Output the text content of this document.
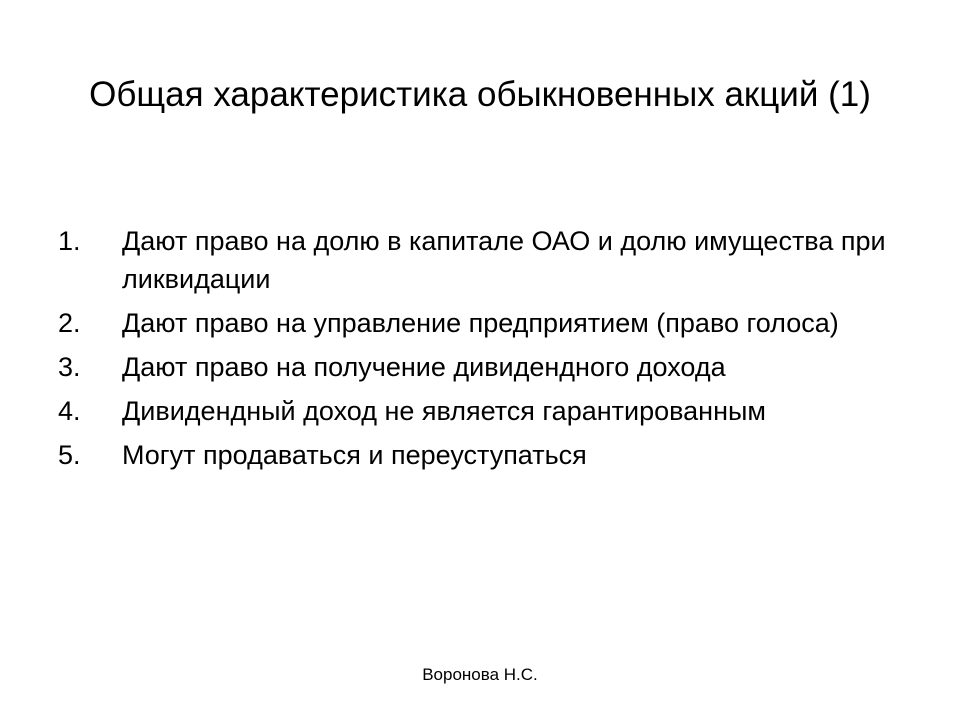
Общая характеристика обыкновенных акций (1)
1. Дают право на долю в капитале ОАО и долю имущества при ликвидации
2. Дают право на управление предприятием (право голоса)
3. Дают право на получение дивидендного дохода
4. Дивидендный доход не является гарантированным
5. Могут продаваться и переуступаться
Воронова Н.С.
